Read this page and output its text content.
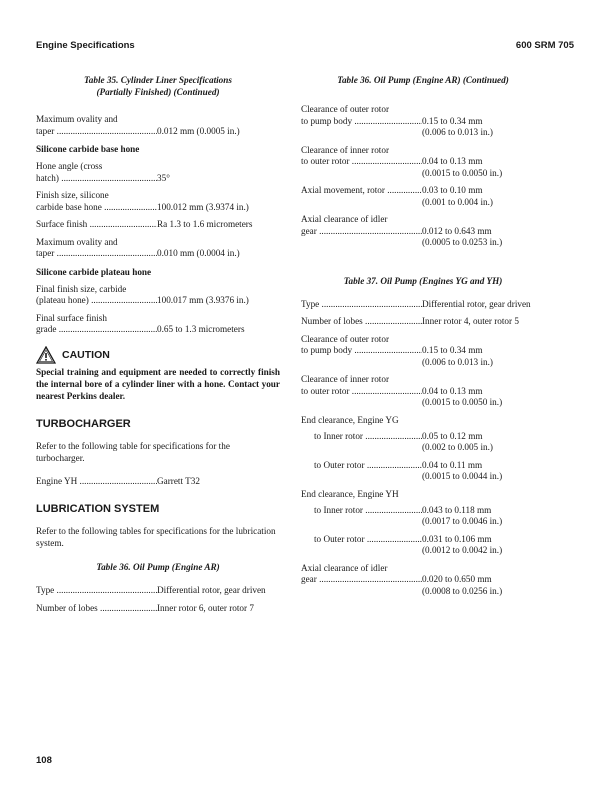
Engine Specifications	600 SRM 705

Table 35. Cylinder Liner Specifications
(Partially Finished) (Continued)

Maximum ovality and
taper .....	0.012 mm (0.0005 in.)
Silicone carbide base hone
Hone angle (cross
hatch) .....	35°
Finish size, silicone
carbide base hone .....	100.012 mm (3.9374 in.)
Surface finish .....	Ra 1.3 to 1.6 micrometers
Maximum ovality and
taper .....	0.010 mm (0.0004 in.)
Silicone carbide plateau hone
Final finish size, carbide
(plateau hone) .....	100.017 mm (3.9376 in.)
Final surface finish
grade .....	0.65 to 1.3 micrometers
CAUTION
Special training and equipment are needed to correctly finish the internal bore of a cylinder liner with a hone. Contact your nearest Perkins dealer.
TURBOCHARGER

Refer to the following table for specifications for the turbocharger.

Engine YH .....	Garrett T32
LUBRICATION SYSTEM

Refer to the following tables for specifications for the lubrication system.

Table 36. Oil Pump (Engine AR)

Type .....	Differential rotor, gear driven
Number of lobes .....	Inner rotor 6, outer rotor 7

Table 36. Oil Pump (Engine AR) (Continued)

Clearance of outer rotor
to pump body .....	0.15 to 0.34 mm
(0.006 to 0.013 in.)
Clearance of inner rotor
to outer rotor .....	0.04 to 0.13 mm
(0.0015 to 0.0050 in.)
Axial movement, rotor .....	0.03 to 0.10 mm
(0.001 to 0.004 in.)
Axial clearance of idler
gear .....	0.012 to 0.643 mm
(0.0005 to 0.0253 in.)

Table 37. Oil Pump (Engines YG and YH)

Type .....	Differential rotor, gear driven
Number of lobes .....	Inner rotor 4, outer rotor 5
Clearance of outer rotor
to pump body .....	0.15 to 0.34 mm
(0.006 to 0.013 in.)
Clearance of inner rotor
to outer rotor .....	0.04 to 0.13 mm
(0.0015 to 0.0050 in.)
End clearance, Engine YG
to Inner rotor .....	0.05 to 0.12 mm
(0.002 to 0.005 in.)
to Outer rotor .....	0.04 to 0.11 mm
(0.0015 to 0.0044 in.)
End clearance, Engine YH
to Inner rotor .....	0.043 to 0.118 mm
(0.0017 to 0.0046 in.)
to Outer rotor .....	0.031 to 0.106 mm
(0.0012 to 0.0042 in.)
Axial clearance of idler
gear .....	0.020 to 0.650 mm
(0.0008 to 0.0256 in.)
108
